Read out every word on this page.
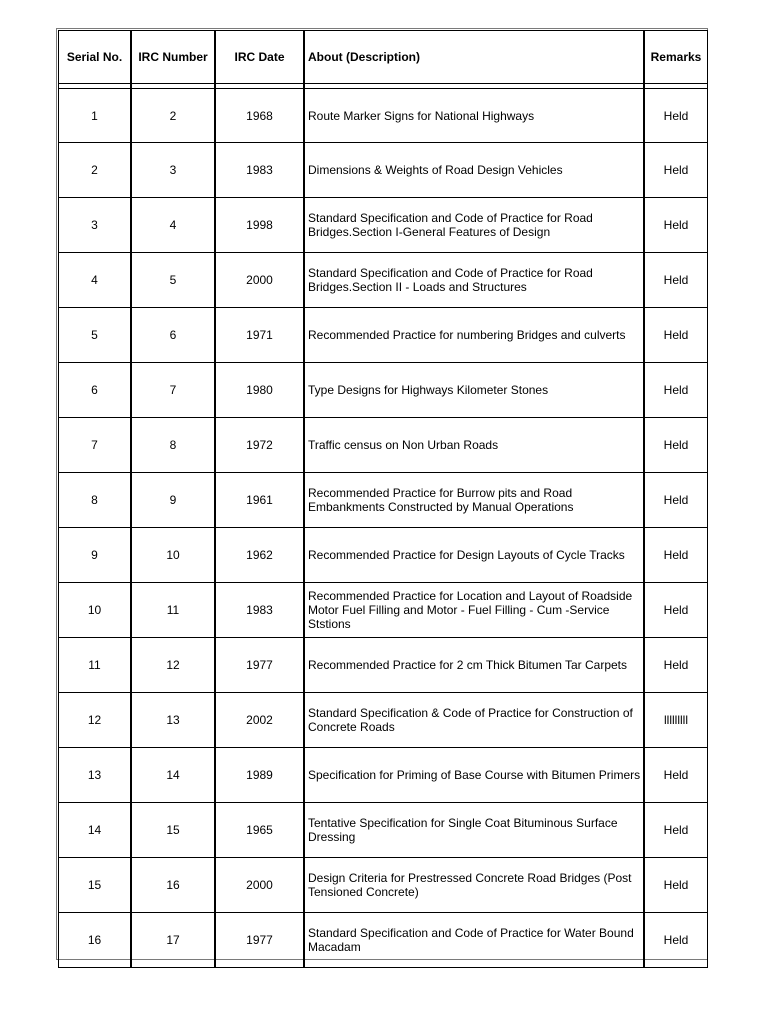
Serial No.	IRC Number	IRC Date	About (Description)	Remarks

1	2	1968	Route Marker Signs for National Highways	Held
2	3	1983	Dimensions & Weights of Road Design Vehicles	Held
3	4	1998	Standard Specification and Code of Practice for Road Bridges.Section I-General Features of Design	Held
4	5	2000	Standard Specification and Code of Practice for Road Bridges.Section II - Loads and Structures	Held
5	6	1971	Recommended Practice for numbering Bridges and culverts	Held
6	7	1980	Type Designs for Highways Kilometer Stones	Held
7	8	1972	Traffic census on Non Urban Roads	Held
8	9	1961	Recommended Practice for Burrow pits and Road Embankments Constructed by Manual Operations	Held
9	10	1962	Recommended Practice for Design Layouts of Cycle Tracks	Held
10	11	1983	Recommended Practice for Location and Layout of Roadside Motor Fuel Filling and Motor - Fuel Filling - Cum -Service Ststions	Held
11	12	1977	Recommended Practice for 2 cm Thick Bitumen Tar Carpets	Held
12	13	2002	Standard Specification & Code of Practice for Construction of Concrete Roads	lllllllll
13	14	1989	Specification for Priming of Base Course with Bitumen Primers	Held
14	15	1965	Tentative Specification for Single Coat Bituminous Surface Dressing	Held
15	16	2000	Design Criteria for Prestressed Concrete Road Bridges (Post Tensioned Concrete)	Held
16	17	1977	Standard Specification and Code of Practice for Water Bound Macadam	Held
